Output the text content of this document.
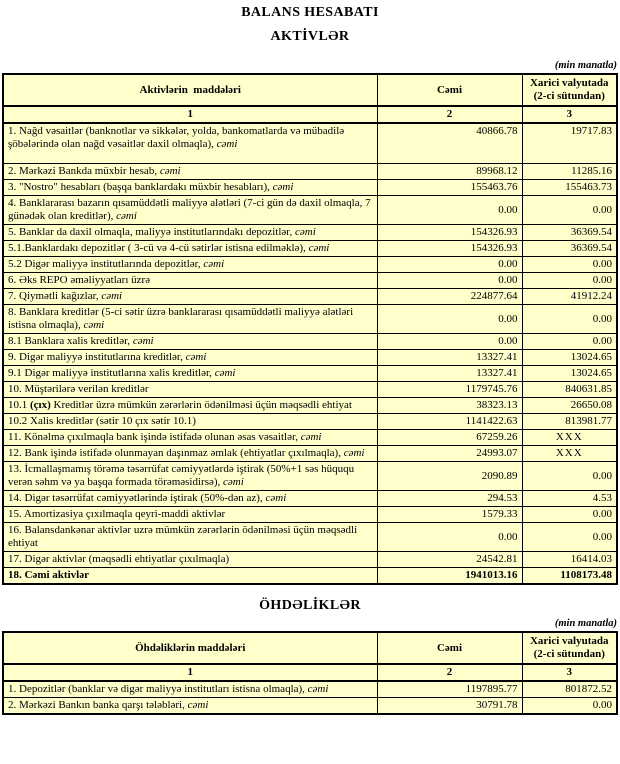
BALANS HESABATI
AKTİVLƏR
(min manatla)
Aktivlərin  maddələri	Cəmi	Xarici valyutada (2-ci sütundan)
1	2	3
1. Nağd vəsaitlər (banknotlar və sikkələr, yolda, bankomatlarda və mübadilə şöbələrində olan nağd vəsaitlər daxil olmaqla), cəmi	40866.78	19717.83
2. Mərkəzi Bankda müxbir hesab, cəmi	89968.12	11285.16
3. "Nostro" hesabları (başqa banklardakı müxbir hesabları), cəmi	155463.76	155463.73
4. Banklararası bazarın qısamüddətli maliyyə alətləri (7-ci gün də daxil olmaqla, 7 günədək olan kreditlər), cəmi	0.00	0.00
5. Banklar da daxil olmaqla, maliyyə institutlarındakı depozitlər, cəmi	154326.93	36369.54
5.1.Banklardakı depozitlər ( 3-cü və 4-cü sətirlər istisna edilməklə), cəmi	154326.93	36369.54
5.2 Digər maliyyə institutlarında depozitlər, cəmi	0.00	0.00
6. Əks REPO əməliyyatları üzrə	0.00	0.00
7. Qiymətli kağızlar, cəmi	224877.64	41912.24
8. Banklara kreditlər (5-ci sətir üzrə banklararası qısamüddətli maliyyə alətləri istisna olmaqla), cəmi	0.00	0.00
8.1 Banklara xalis kreditlər, cəmi	0.00	0.00
9. Digər maliyyə institutlarına kreditlər, cəmi	13327.41	13024.65
9.1 Digər maliyyə institutlarına xalis kreditlər, cəmi	13327.41	13024.65
10. Müştərilərə verilən kreditlər	1179745.76	840631.85
10.1 (çıx) Kreditlər üzrə mümkün zərərlərin ödənilməsi üçün məqsədli ehtiyat	38323.13	26650.08
10.2 Xalis kreditlər (sətir 10 çıx sətir 10.1)	1141422.63	813981.77
11. Könəlmə çıxılmaqla bank işində istifadə olunan əsas vəsaitlər, cəmi	67259.26	XXX
12. Bank işində istifadə olunmayan daşınmaz əmlak (ehtiyatlar çıxılmaqla), cəmi	24993.07	XXX
13. İcmallaşmamış törəmə təsərrüfat cəmiyyətlərdə iştirak (50%+1 səs hüququ verən səhm və ya başqa formada törəməsidirsə), cəmi	2090.89	0.00
14. Digər təsərrüfat cəmiyyətlərində iştirak (50%-dən az), cəmi	294.53	4.53
15. Amortizasiya çıxılmaqla qeyri-maddi aktivlər	1579.33	0.00
16. Balansdankənar aktivlər uzrə mümkün zərərlərin ödənilməsi üçün məqsədli ehtiyat	0.00	0.00
17. Digər aktivlər (məqsədli ehtiyatlar çıxılmaqla)	24542.81	16414.03
18. Cəmi aktivlər	1941013.16	1108173.48
ÖHDƏLİKLƏR
(min manatla)
Öhdəliklərin maddələri	Cəmi	Xarici valyutada (2-ci sütundan)
1	2	3
1. Depozitlər (banklar və digər maliyyə institutları istisna olmaqla), cəmi	1197895.77	801872.52
2. Mərkəzi Bankın banka qarşı tələbləri, cəmi	30791.78	0.00
